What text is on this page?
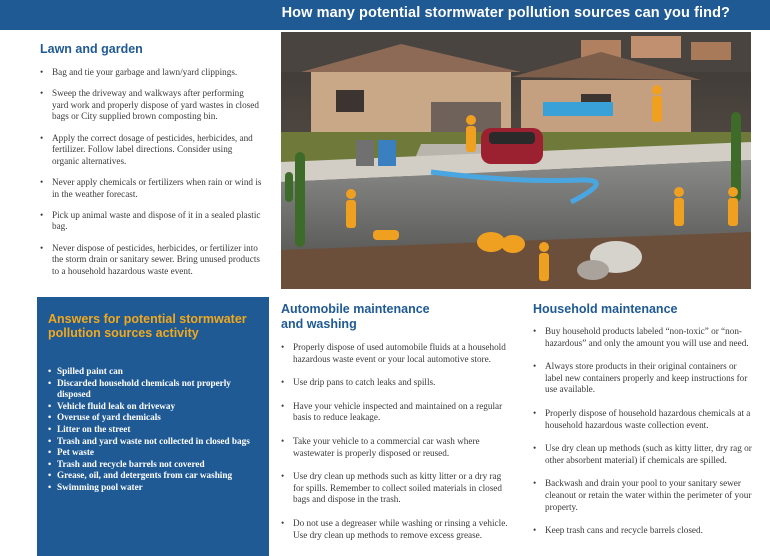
How many potential stormwater pollution sources can you find?
Lawn and garden
• Bag and tie your garbage and lawn/yard clippings.
• Sweep the driveway and walkways after performing yard work and properly dispose of yard wastes in closed bags or City supplied brown composting bin.
• Apply the correct dosage of pesticides, herbicides, and fertilizer. Follow label directions. Consider using organic alternatives.
• Never apply chemicals or fertilizers when rain or wind is in the weather forecast.
• Pick up animal waste and dispose of it in a sealed plastic bag.
• Never dispose of pesticides, herbicides, or fertilizer into the storm drain or sanitary sewer. Bring unused products to a household hazardous waste event.
Answers for potential stormwater pollution sources activity
• Spilled paint can
• Discarded household chemicals not properly disposed
• Vehicle fluid leak on driveway
• Overuse of yard chemicals
• Litter on the street
• Trash and yard waste not collected in closed bags
• Pet waste
• Trash and recycle barrels not covered
• Grease, oil, and detergents from car washing
• Swimming pool water
Automobile maintenance
and washing
• Properly dispose of used automobile fluids at a household hazardous waste event or your local automotive store.
• Use drip pans to catch leaks and spills.
• Have your vehicle inspected and maintained on a regular basis to reduce leakage.
• Take your vehicle to a commercial car wash where wastewater is properly disposed or reused.
• Use dry clean up methods such as kitty litter or a dry rag for spills. Remember to collect soiled materials in closed bags and dispose in the trash.
• Do not use a degreaser while washing or rinsing a vehicle. Use dry clean up methods to remove excess grease.
Household maintenance
• Buy household products labeled “non-toxic” or “non-hazardous” and only the amount you will use and need.
• Always store products in their original containers or label new containers properly and keep instructions for use available.
• Properly dispose of household hazardous chemicals at a household hazardous waste collection event.
• Use dry clean up methods (such as kitty litter, dry rag or other absorbent material) if chemicals are spilled.
• Backwash and drain your pool to your sanitary sewer cleanout or retain the water within the perimeter of your property.
• Keep trash cans and recycle barrels closed.
